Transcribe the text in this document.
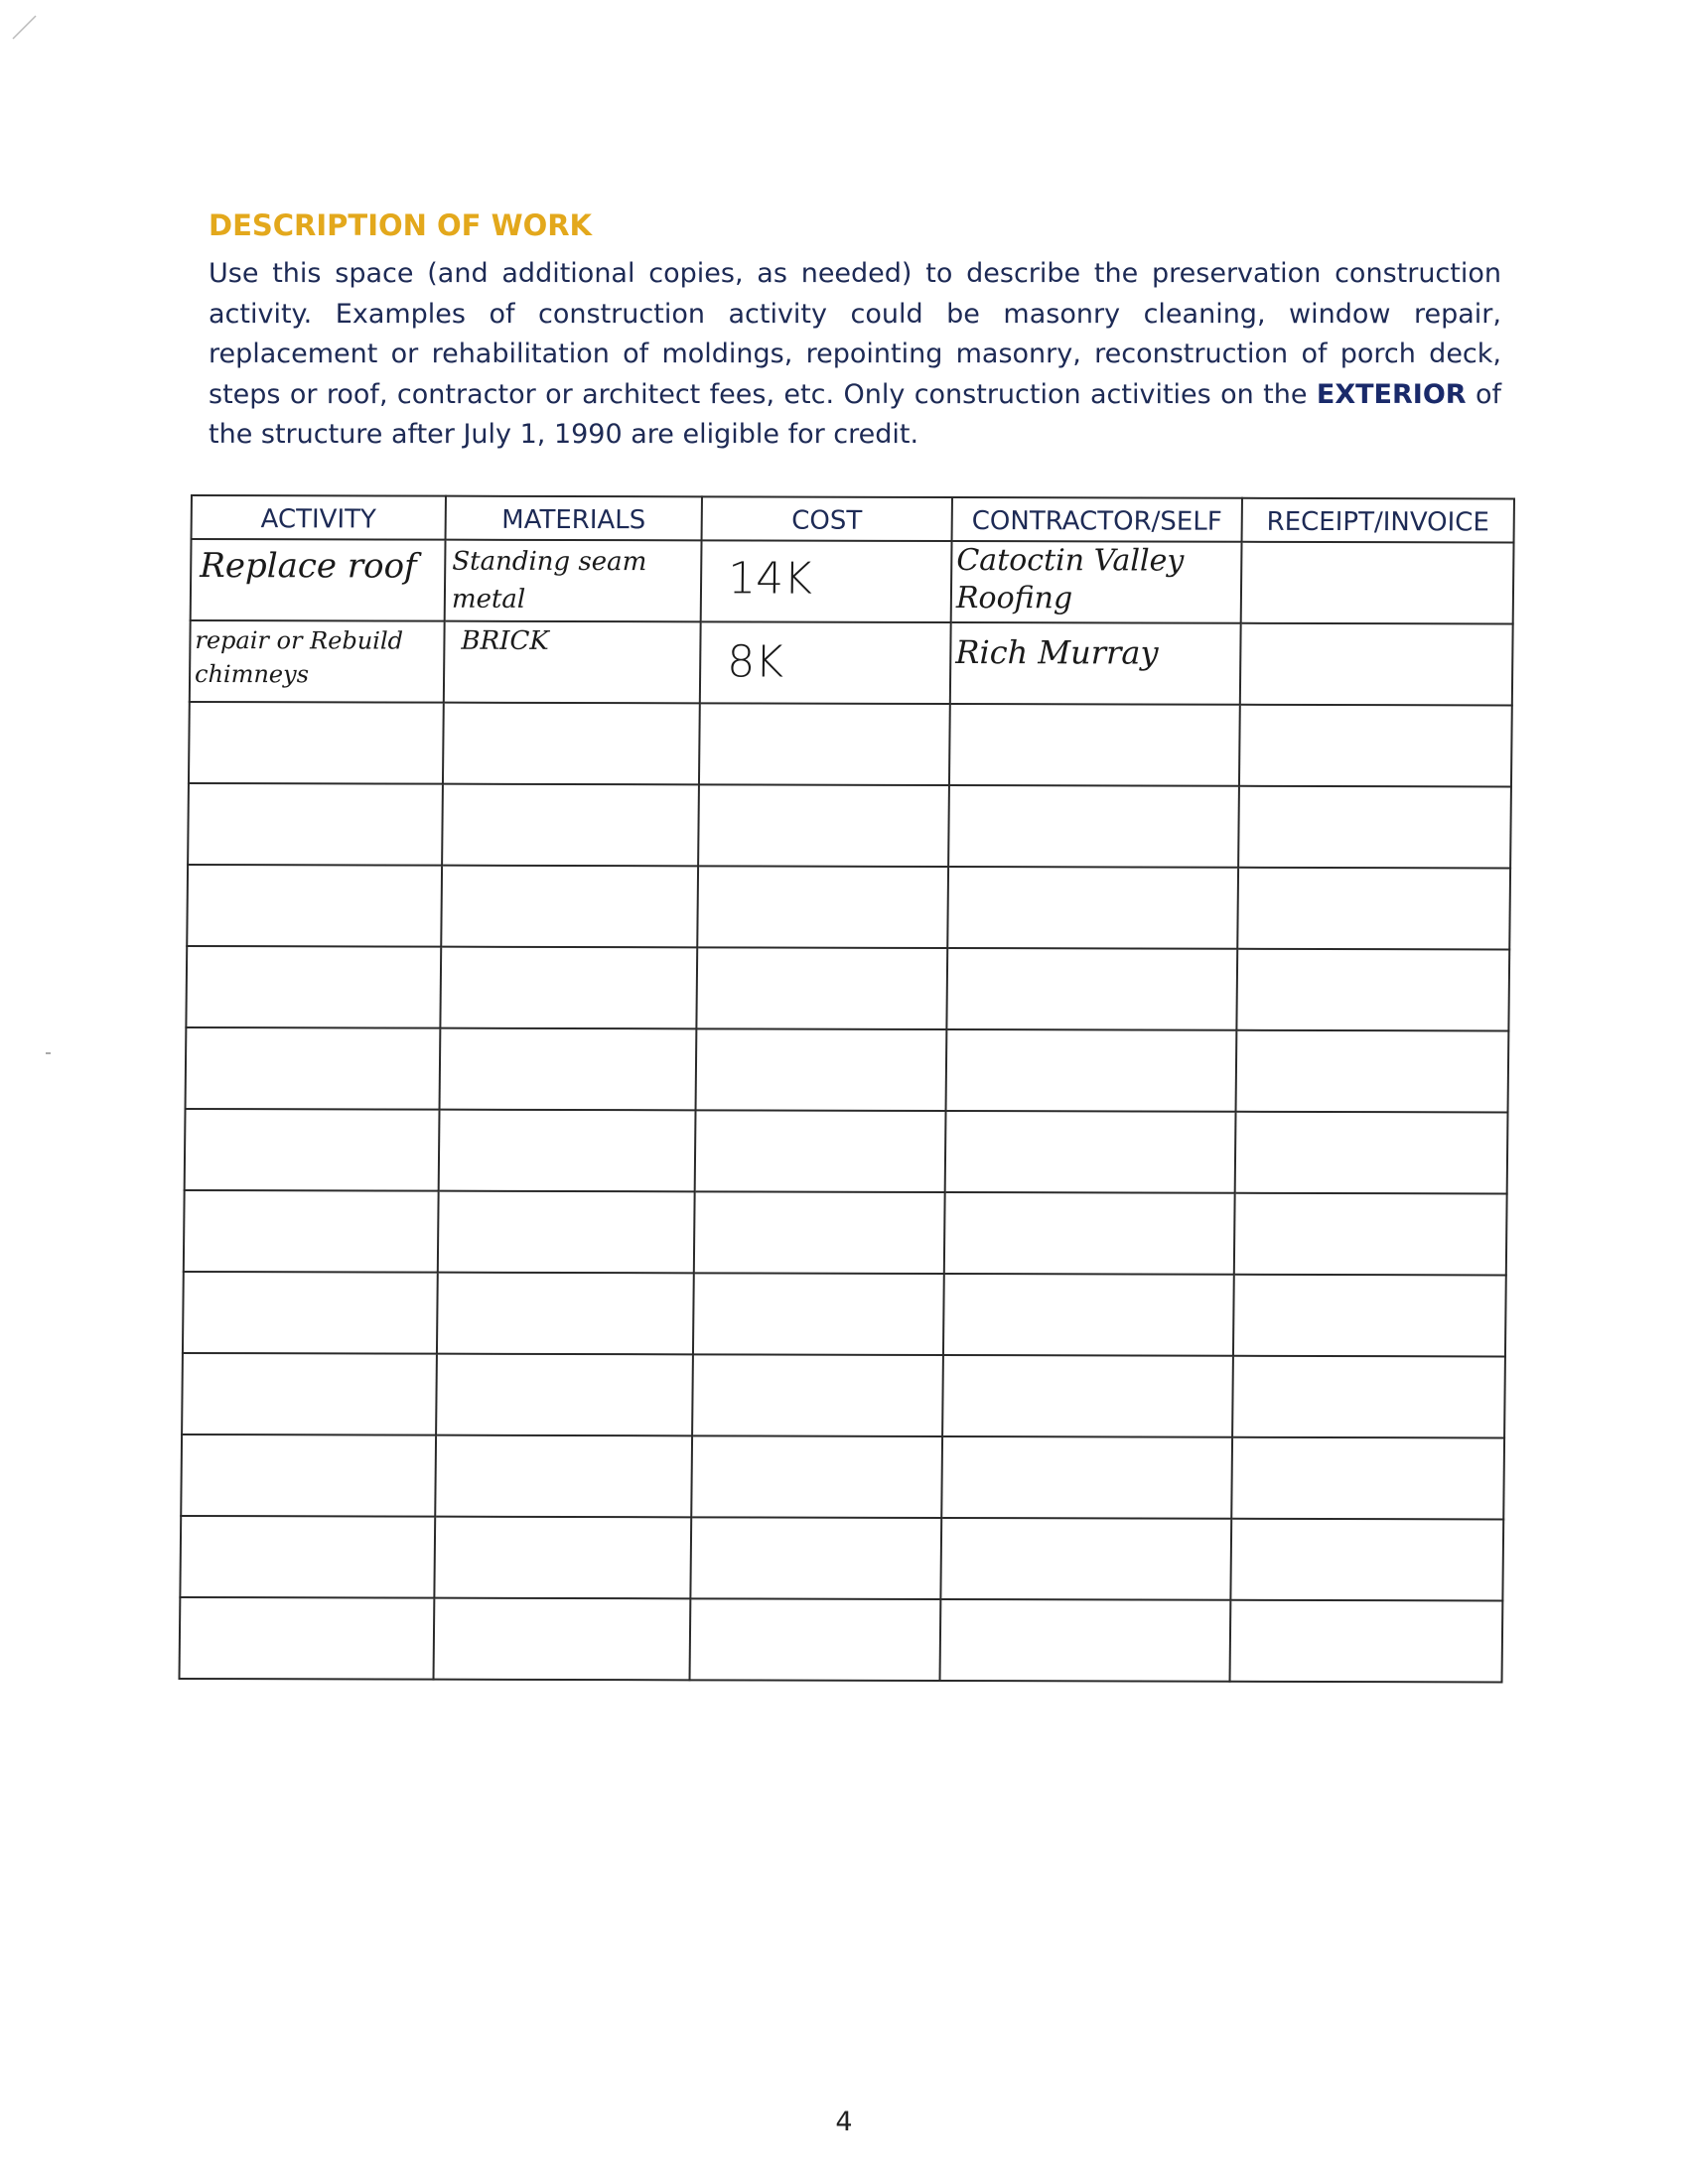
DESCRIPTION OF WORK
Use this space (and additional copies, as needed) to describe the preservation construction activity. Examples of construction activity could be masonry cleaning, window repair, replacement or rehabilitation of moldings, repointing masonry, reconstruction of porch deck, steps or roof, contractor or architect fees, etc. Only construction activities on the EXTERIOR of the structure after July 1, 1990 are eligible for credit.
ACTIVITY	MATERIALS	COST	CONTRACTOR/SELF	RECEIPT/INVOICE

Replace roof	Standing seam metal	14K	Catoctin Valley Roofing	

repair or Rebuild chimneys	BRICK	8K	Rich Murray	

4
